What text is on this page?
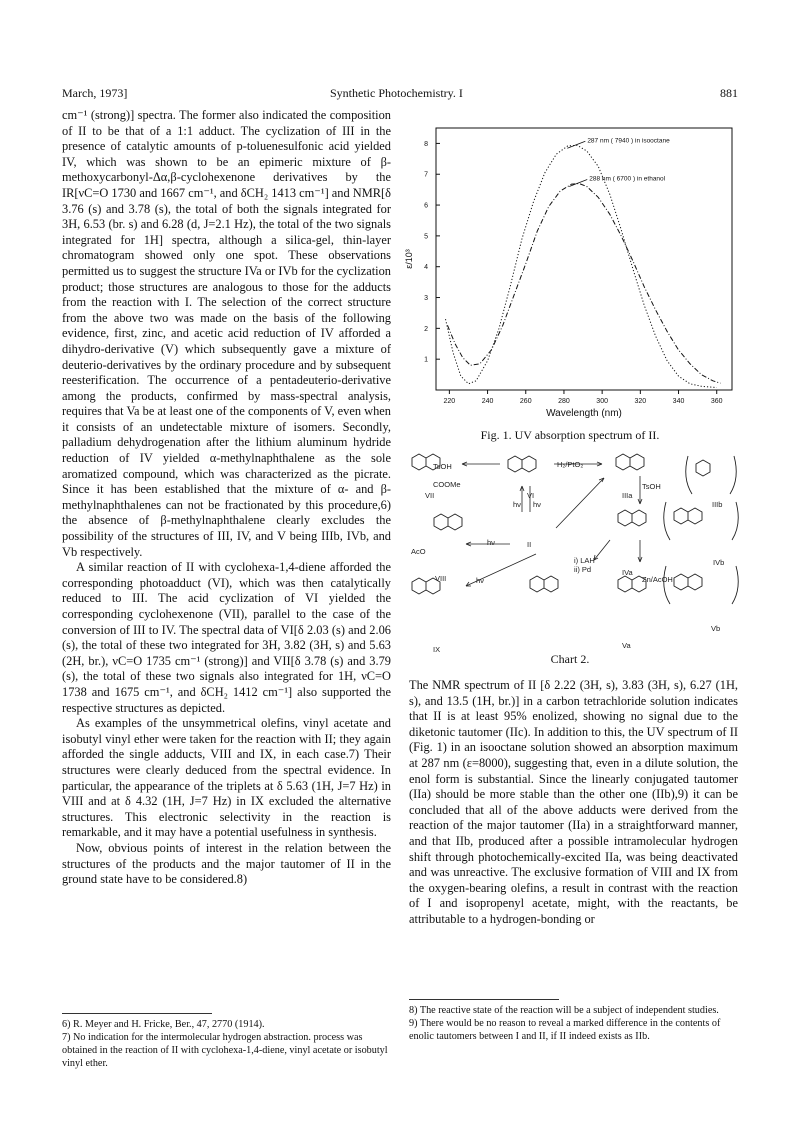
March, 1973]	Synthetic Photochemistry. I	881

cm⁻¹ (strong)] spectra. The former also indicated the composition of II to be that of a 1:1 adduct. The cyclization of III in the presence of catalytic amounts of p-toluenesulfonic acid yielded IV, which was shown to be an epimeric mixture of β-methoxycarbonyl-Δα,β-cyclohexenone derivatives by the IR[νC=O 1730 and 1667 cm⁻¹, and δCH₂ 1413 cm⁻¹] and NMR[δ 3.76 (s) and 3.78 (s), the total of both the signals integrated for 3H, 6.53 (br. s) and 6.28 (d, J=2.1 Hz), the total of the two signals integrated for 1H] spectra, although a silica-gel, thin-layer chromatogram showed only one spot. These observations permitted us to suggest the structure IVa or IVb for the cyclization product; those structures are analogous to those for the adducts from the reaction with I. The selection of the correct structure from the above two was made on the basis of the following evidence, first, zinc, and acetic acid reduction of IV afforded a dihydro-derivative (V) which subsequently gave a mixture of deuterio-derivatives by the ordinary procedure and by subsequent reesterification. The occurrence of a pentadeuterio-derivative among the products, confirmed by mass-spectral analysis, requires that Va be at least one of the components of V, even when it consists of an undetectable mixture of isomers. Secondly, palladium dehydrogenation after the lithium aluminum hydride reduction of IV yielded α-methylnaphthalene as the sole aromatized compound, which was characterized as the picrate. Since it has been established that the mixture of α- and β-methylnaphthalenes can not be fractionated by this procedure,6) the absence of β-methylnaphthalene clearly excludes the possibility of the structures of III, IV, and V being IIIb, IVb, and Vb respectively.

A similar reaction of II with cyclohexa-1,4-diene afforded the corresponding photoadduct (VI), which was then catalytically reduced to III. The acid cyclization of VI yielded the corresponding cyclohexenone (VII), parallel to the case of the conversion of III to IV. The spectral data of VI[δ 2.03 (s) and 2.06 (s), the total of these two integrated for 3H, 3.82 (3H, s) and 5.63 (2H, br.), νC=O 1735 cm⁻¹ (strong)] and VII[δ 3.78 (s) and 3.79 (s), the total of these two signals also integrated for 1H, νC=O 1738 and 1675 cm⁻¹, and δCH₂ 1412 cm⁻¹] also supported the respective structures as depicted.

As examples of the unsymmetrical olefins, vinyl acetate and isobutyl vinyl ether were taken for the reaction with II; they again afforded the single adducts, VIII and IX, in each case.7) Their structures were clearly deduced from the spectral evidence. In particular, the appearance of the triplets at δ 5.63 (1H, J=7 Hz) in VIII and at δ 4.32 (1H, J=7 Hz) in IX excluded the alternative structures. This electronic selectivity in the reaction is remarkable, and it may have a potential usefulness in synthesis.

Now, obvious points of interest in the relation between the structures of the products and the major tautomer of II in the ground state have to be considered.8)

220	240	260	280	300	320	340	360
1
2
3
4
5
6
7
8
Wavelength (nm)
ε/10³
287 nm ( 7940 ) in isooctane
288 nm ( 6700 ) in ethanol
Fig. 1. UV absorption spectrum of II.
TsOH	H₂/PtO₂
TsOH
hν hν
hν
hν
i) LAH
ii) Pd
Zn/AcOH
VII	VI	IIIa
IIIb
II
VIII
IVa
IVb
IX	Va
Vb
COOMe
AcO
Chart 2.

The NMR spectrum of II [δ 2.22 (3H, s), 3.83 (3H, s), 6.27 (1H, s), and 13.5 (1H, br.)] in a carbon tetrachloride solution indicates that II is at least 95% enolized, showing no signal due to the diketonic tautomer (IIc). In addition to this, the UV spectrum of II (Fig. 1) in an isooctane solution showed an absorption maximum at 287 nm (ε=8000), suggesting that, even in a dilute solution, the enol form is substantial. Since the linearly conjugated tautomer (IIa) should be more stable than the other one (IIb),9) it can be concluded that all of the above adducts were derived from the reaction of the major tautomer (IIa) in a straightforward manner, and that IIb, produced after a possible intramolecular hydrogen shift through photochemically-excited IIa, was being deactivated and was unreactive. The exclusive formation of VIII and IX from the oxygen-bearing olefins, a result in contrast with the reaction of I and isopropenyl acetate, might, with the reactants, be attributable to a hydrogen-bonding or

6) R. Meyer and H. Fricke, Ber., 47, 2770 (1914).

7) No indication for the intermolecular hydrogen abstraction. process was obtained in the reaction of II with cyclohexa-1,4-diene, vinyl acetate or isobutyl vinyl ether.

8) The reactive state of the reaction will be a subject of independent studies.

9) There would be no reason to reveal a marked difference in the contents of enolic tautomers between I and II, if II indeed exists as IIb.
